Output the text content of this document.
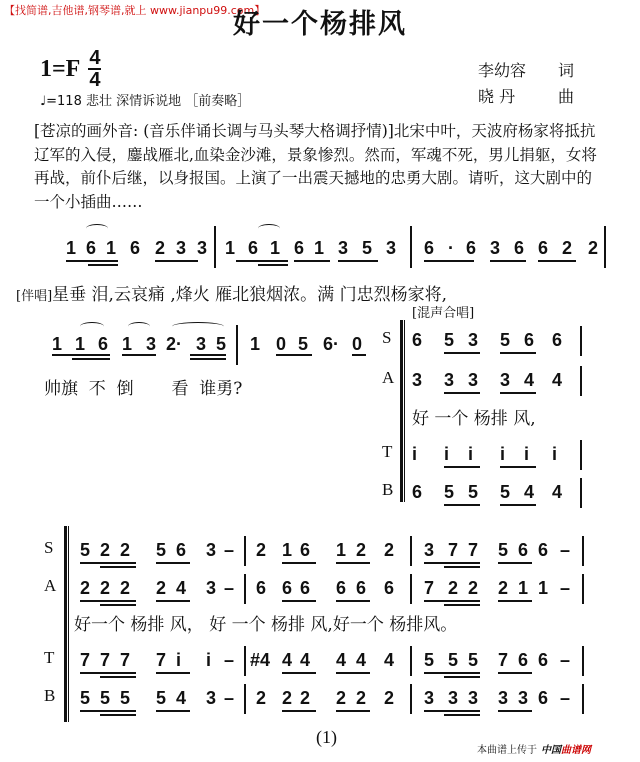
【找简谱,吉他谱,钢琴谱,就上 www.jianpu99.com】
好一个杨排风
$1=F \frac{4}{4}$
♩=118 悲壮 深情诉说地 ［前奏略］
李幼容 词
晓 丹	曲
[苍凉的画外音: (音乐伴诵长调与马头琴大格调抒情)]北宋中叶，天波府杨家将抵抗辽军的入侵，鏖战雁北,血染金沙滩，景象惨烈。然而，军魂不死，男儿捐躯，女将再战，前仆后继，以身报国。上演了一出震天撼地的忠勇大剧。请听，这大剧中的一个小插曲……
1 6 1 6 2 3 3 1 6 1 6 1 3 5 3 6 · 6 3 6 6 2 2
[伴唱]星垂 泪,云哀痛 ,烽火 雁北狼烟浓。满 门忠烈杨家将,
1 1 6 1 3 2· 3 5 1 0 5 6· 0
帅旗  不  倒       看  谁勇?
[混声合唱]
S 6 5 3 5 6 6
A 3 3 3 3 4 4
T i i i i i i
B 6 5 5 5 4 4
好 一个 杨排 风,
S 5 2 2 5 6 3 – 2 1 6 1 2 2 3 7 7 5 6 6 –
A 2 2 2 2 4 3 – 6 6 6 6 6 6 7 2 2 2 1 1 –
T 7 7 7 7 i i – #4 4 4 4 4 4 5 5 5 7 6 6 –
B 5 5 5 5 4 3 – 2 2 2 2 2 2 3 3 3 3 3 6 –
好一个 杨排 风， 好 一个 杨排 风,好一个 杨排风。
(1)
本曲谱上传于 中国曲谱网
